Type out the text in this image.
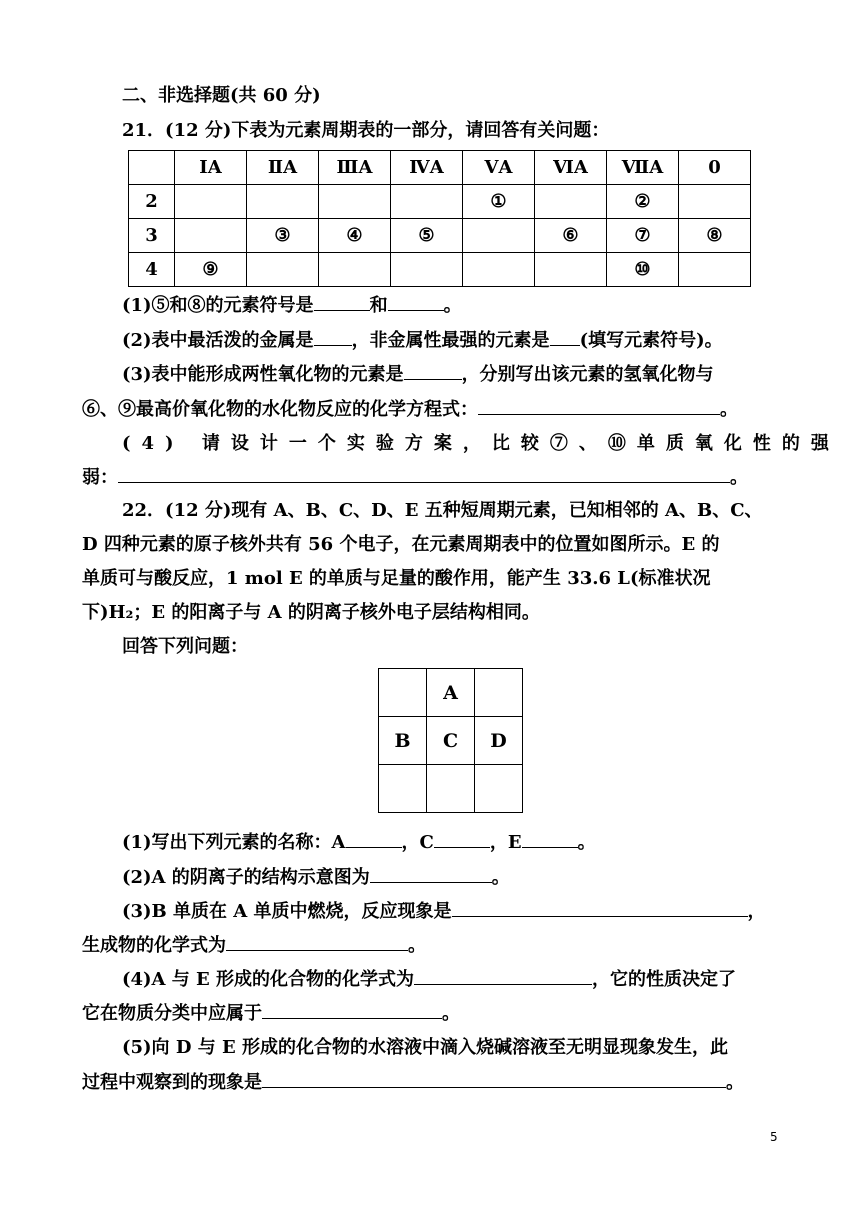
二、非选择题(共 60 分)
21．(12 分)下表为元素周期表的一部分，请回答有关问题：
	ⅠA	ⅡA	ⅢA	ⅣA	ⅤA	ⅥA	ⅦA	0
2					①		②	
3		③	④	⑤		⑥	⑦	⑧
4	⑨						⑩	
(1)⑤和⑧的元素符号是	和	。
(2)表中最活泼的金属是 ，非金属性最强的元素是 (填写元素符号)。
(3)表中能形成两性氧化物的元素是	，分别写出该元素的氢氧化物与
⑥、⑨最高价氧化物的水化物反应的化学方程式：	。
(4) 请设计一个实验方案，比较⑦、⑩单质氧化性的强
弱：	。
22．(12 分)现有 A、B、C、D、E 五种短周期元素，已知相邻的 A、B、C、
D 四种元素的原子核外共有 56 个电子，在元素周期表中的位置如图所示。E 的
单质可与酸反应，1 mol E 的单质与足量的酸作用，能产生 33.6 L(标准状况
下)H₂；E 的阳离子与 A 的阴离子核外电子层结构相同。
回答下列问题：
	A	
B	C	D

(1)写出下列元素的名称：A	，C	，E	。
(2)A 的阴离子的结构示意图为	。
(3)B 单质在 A 单质中燃烧，反应现象是	，
生成物的化学式为	。
(4)A 与 E 形成的化合物的化学式为	，它的性质决定了
它在物质分类中应属于	。
(5)向 D 与 E 形成的化合物的水溶液中滴入烧碱溶液至无明显现象发生，此
过程中观察到的现象是	。
5
